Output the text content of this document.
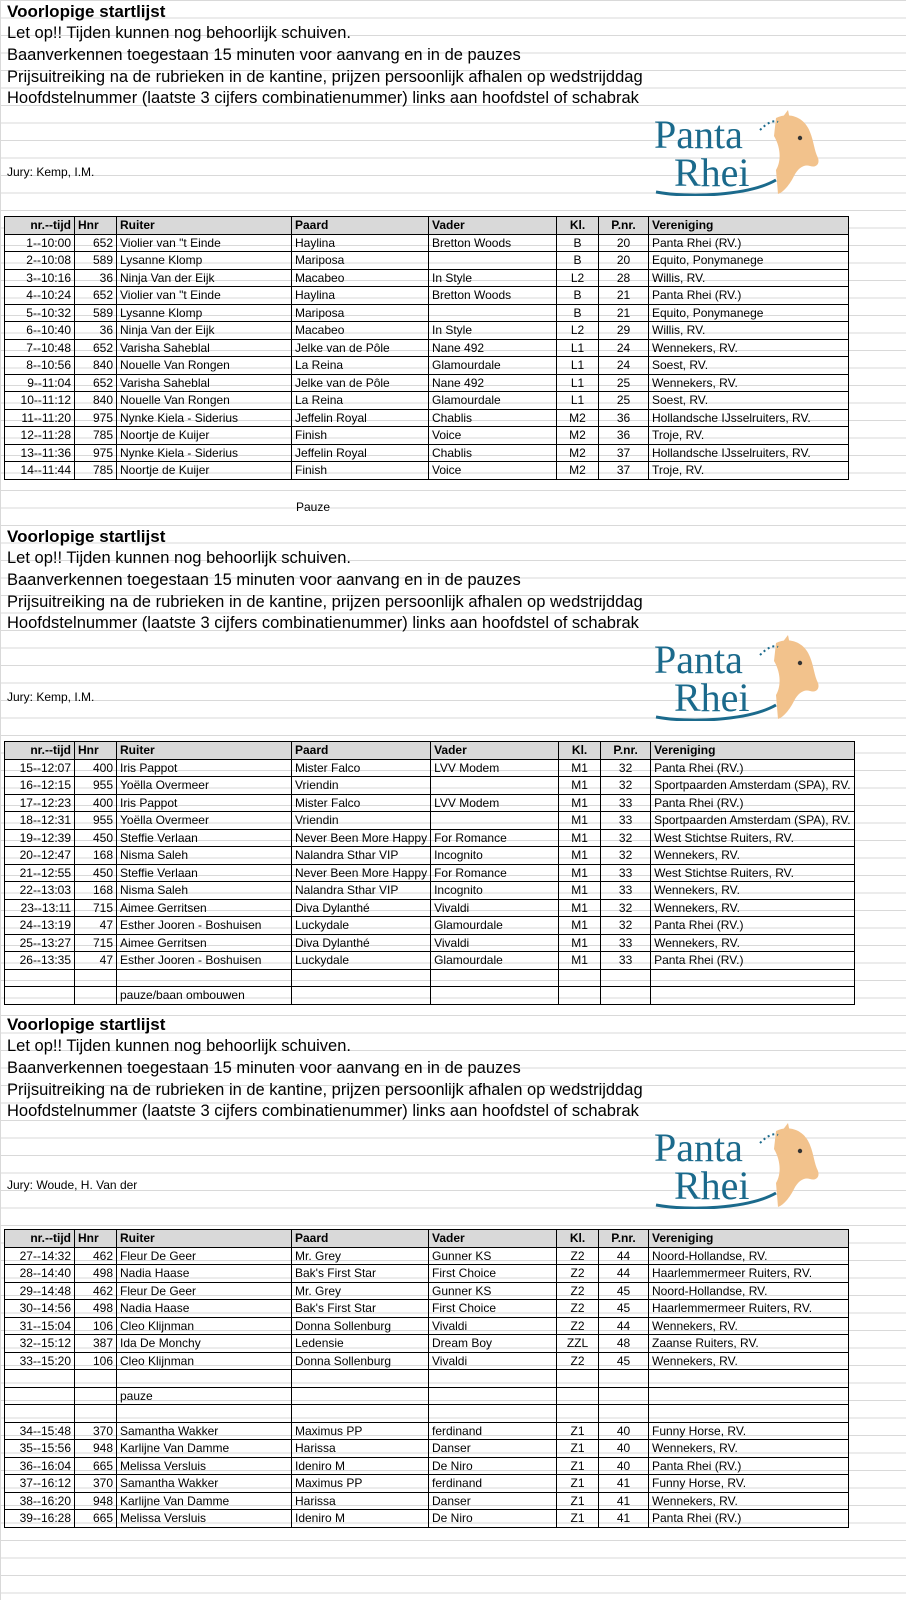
Voorlopige startlijst
Let op!! Tijden kunnen nog behoorlijk schuiven.
Baanverkennen toegestaan 15 minuten voor aanvang en in de pauzes
Prijsuitreiking na de rubrieken in de kantine, prijzen persoonlijk afhalen op wedstrijddag
Hoofdstelnummer (laatste 3 cijfers combinatienummer) links aan hoofdstel of schabrak
Panta
Rhei
Jury: Kemp, I.M.
nr.--tijd	Hnr	Ruiter	Paard	Vader	Kl.	P.nr.	Vereniging
1--10:00	652	Violier van "t Einde	Haylina	Bretton Woods	B	20	Panta Rhei (RV.)
2--10:08	589	Lysanne Klomp	Mariposa		B	20	Equito, Ponymanege
3--10:16	36	Ninja Van der Eijk	Macabeo	In Style	L2	28	Willis, RV.
4--10:24	652	Violier van "t Einde	Haylina	Bretton Woods	B	21	Panta Rhei (RV.)
5--10:32	589	Lysanne Klomp	Mariposa		B	21	Equito, Ponymanege
6--10:40	36	Ninja Van der Eijk	Macabeo	In Style	L2	29	Willis, RV.
7--10:48	652	Varisha Saheblal	Jelke van de Pôle	Nane 492	L1	24	Wennekers, RV.
8--10:56	840	Nouelle Van Rongen	La Reina	Glamourdale	L1	24	Soest, RV.
9--11:04	652	Varisha Saheblal	Jelke van de Pôle	Nane 492	L1	25	Wennekers, RV.
10--11:12	840	Nouelle Van Rongen	La Reina	Glamourdale	L1	25	Soest, RV.
11--11:20	975	Nynke Kiela - Siderius	Jeffelin Royal	Chablis	M2	36	Hollandsche IJsselruiters, RV.
12--11:28	785	Noortje de Kuijer	Finish	Voice	M2	36	Troje, RV.
13--11:36	975	Nynke Kiela - Siderius	Jeffelin Royal	Chablis	M2	37	Hollandsche IJsselruiters, RV.
14--11:44	785	Noortje de Kuijer	Finish	Voice	M2	37	Troje, RV.
Pauze
Voorlopige startlijst
Let op!! Tijden kunnen nog behoorlijk schuiven.
Baanverkennen toegestaan 15 minuten voor aanvang en in de pauzes
Prijsuitreiking na de rubrieken in de kantine, prijzen persoonlijk afhalen op wedstrijddag
Hoofdstelnummer (laatste 3 cijfers combinatienummer) links aan hoofdstel of schabrak
Panta
Rhei
Jury: Kemp, I.M.
nr.--tijd	Hnr	Ruiter	Paard	Vader	Kl.	P.nr.	Vereniging
15--12:07	400	Iris Pappot	Mister Falco	LVV Modem	M1	32	Panta Rhei (RV.)
16--12:15	955	Yoëlla Overmeer	Vriendin		M1	32	Sportpaarden Amsterdam (SPA), RV.
17--12:23	400	Iris Pappot	Mister Falco	LVV Modem	M1	33	Panta Rhei (RV.)
18--12:31	955	Yoëlla Overmeer	Vriendin		M1	33	Sportpaarden Amsterdam (SPA), RV.
19--12:39	450	Steffie Verlaan	Never Been More Happy	For Romance	M1	32	West Stichtse Ruiters, RV.
20--12:47	168	Nisma Saleh	Nalandra Sthar VIP	Incognito	M1	32	Wennekers, RV.
21--12:55	450	Steffie Verlaan	Never Been More Happy	For Romance	M1	33	West Stichtse Ruiters, RV.
22--13:03	168	Nisma Saleh	Nalandra Sthar VIP	Incognito	M1	33	Wennekers, RV.
23--13:11	715	Aimee Gerritsen	Diva Dylanthé	Vivaldi	M1	32	Wennekers, RV.
24--13:19	47	Esther Jooren - Boshuisen	Luckydale	Glamourdale	M1	32	Panta Rhei (RV.)
25--13:27	715	Aimee Gerritsen	Diva Dylanthé	Vivaldi	M1	33	Wennekers, RV.
26--13:35	47	Esther Jooren - Boshuisen	Luckydale	Glamourdale	M1	33	Panta Rhei (RV.)

		pauze/baan ombouwen					
Voorlopige startlijst
Let op!! Tijden kunnen nog behoorlijk schuiven.
Baanverkennen toegestaan 15 minuten voor aanvang en in de pauzes
Prijsuitreiking na de rubrieken in de kantine, prijzen persoonlijk afhalen op wedstrijddag
Hoofdstelnummer (laatste 3 cijfers combinatienummer) links aan hoofdstel of schabrak
Panta
Rhei
Jury: Woude, H. Van der
nr.--tijd	Hnr	Ruiter	Paard	Vader	Kl.	P.nr.	Vereniging
27--14:32	462	Fleur De Geer	Mr. Grey	Gunner KS	Z2	44	Noord-Hollandse, RV.
28--14:40	498	Nadia Haase	Bak's First Star	First Choice	Z2	44	Haarlemmermeer Ruiters, RV.
29--14:48	462	Fleur De Geer	Mr. Grey	Gunner KS	Z2	45	Noord-Hollandse, RV.
30--14:56	498	Nadia Haase	Bak's First Star	First Choice	Z2	45	Haarlemmermeer Ruiters, RV.
31--15:04	106	Cleo Klijnman	Donna Sollenburg	Vivaldi	Z2	44	Wennekers, RV.
32--15:12	387	Ida De Monchy	Ledensie	Dream Boy	ZZL	48	Zaanse Ruiters, RV.
33--15:20	106	Cleo Klijnman	Donna Sollenburg	Vivaldi	Z2	45	Wennekers, RV.

		pauze					

34--15:48	370	Samantha Wakker	Maximus PP	ferdinand	Z1	40	Funny Horse, RV.
35--15:56	948	Karlijne Van Damme	Harissa	Danser	Z1	40	Wennekers, RV.
36--16:04	665	Melissa Versluis	Ideniro M	De Niro	Z1	40	Panta Rhei (RV.)
37--16:12	370	Samantha Wakker	Maximus PP	ferdinand	Z1	41	Funny Horse, RV.
38--16:20	948	Karlijne Van Damme	Harissa	Danser	Z1	41	Wennekers, RV.
39--16:28	665	Melissa Versluis	Ideniro M	De Niro	Z1	41	Panta Rhei (RV.)
